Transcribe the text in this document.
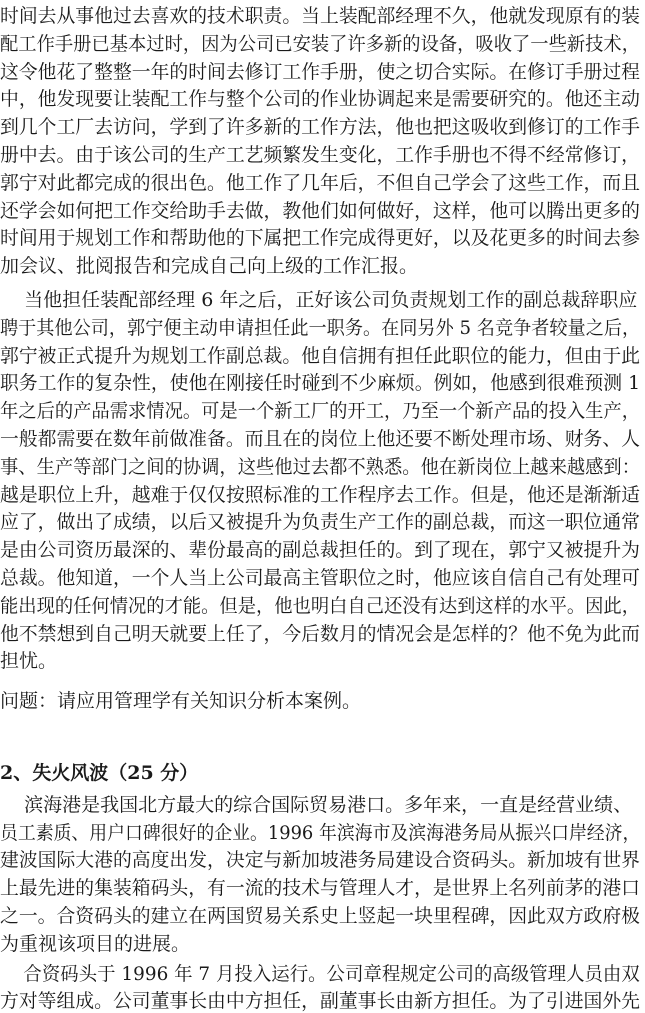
时间去从事他过去喜欢的技术职责。当上装配部经理不久，他就发现原有的装
配工作手册已基本过时，因为公司已安装了许多新的设备，吸收了一些新技术，
这令他花了整整一年的时间去修订工作手册，使之切合实际。在修订手册过程
中，他发现要让装配工作与整个公司的作业协调起来是需要研究的。他还主动
到几个工厂去访问，学到了许多新的工作方法，他也把这吸收到修订的工作手
册中去。由于该公司的生产工艺频繁发生变化，工作手册也不得不经常修订，
郭宁对此都完成的很出色。他工作了几年后，不但自己学会了这些工作，而且
还学会如何把工作交给助手去做，教他们如何做好，这样，他可以腾出更多的
时间用于规划工作和帮助他的下属把工作完成得更好，以及花更多的时间去参
加会议、批阅报告和完成自己向上级的工作汇报。
当他担任装配部经理 6 年之后，正好该公司负责规划工作的副总裁辞职应
聘于其他公司，郭宁便主动申请担任此一职务。在同另外 5 名竞争者较量之后，
郭宁被正式提升为规划工作副总裁。他自信拥有担任此职位的能力，但由于此
职务工作的复杂性，使他在刚接任时碰到不少麻烦。例如，他感到很难预测 1
年之后的产品需求情况。可是一个新工厂的开工，乃至一个新产品的投入生产，
一般都需要在数年前做准备。而且在的岗位上他还要不断处理市场、财务、人
事、生产等部门之间的协调，这些他过去都不熟悉。他在新岗位上越来越感到：
越是职位上升，越难于仅仅按照标准的工作程序去工作。但是，他还是渐渐适
应了，做出了成绩，以后又被提升为负责生产工作的副总裁，而这一职位通常
是由公司资历最深的、辈份最高的副总裁担任的。到了现在，郭宁又被提升为
总裁。他知道，一个人当上公司最高主管职位之时，他应该自信自己有处理可
能出现的任何情况的才能。但是，他也明白自己还没有达到这样的水平。因此，
他不禁想到自己明天就要上任了，今后数月的情况会是怎样的？他不免为此而
担忧。
问题：请应用管理学有关知识分析本案例。
2、失火风波（25 分）
滨海港是我国北方最大的综合国际贸易港口。多年来，一直是经营业绩、
员工素质、用户口碑很好的企业。1996 年滨海市及滨海港务局从振兴口岸经济，
建波国际大港的高度出发，决定与新加坡港务局建设合资码头。新加坡有世界
上最先进的集装箱码头，有一流的技术与管理人才，是世界上名列前茅的港口
之一。合资码头的建立在两国贸易关系史上竖起一块里程碑，因此双方政府极
为重视该项目的进展。
合资码头于 1996 年 7 月投入运行。公司章程规定公司的高级管理人员由双
方对等组成。公司董事长由中方担任，副董事长由新方担任。为了引进国外先
